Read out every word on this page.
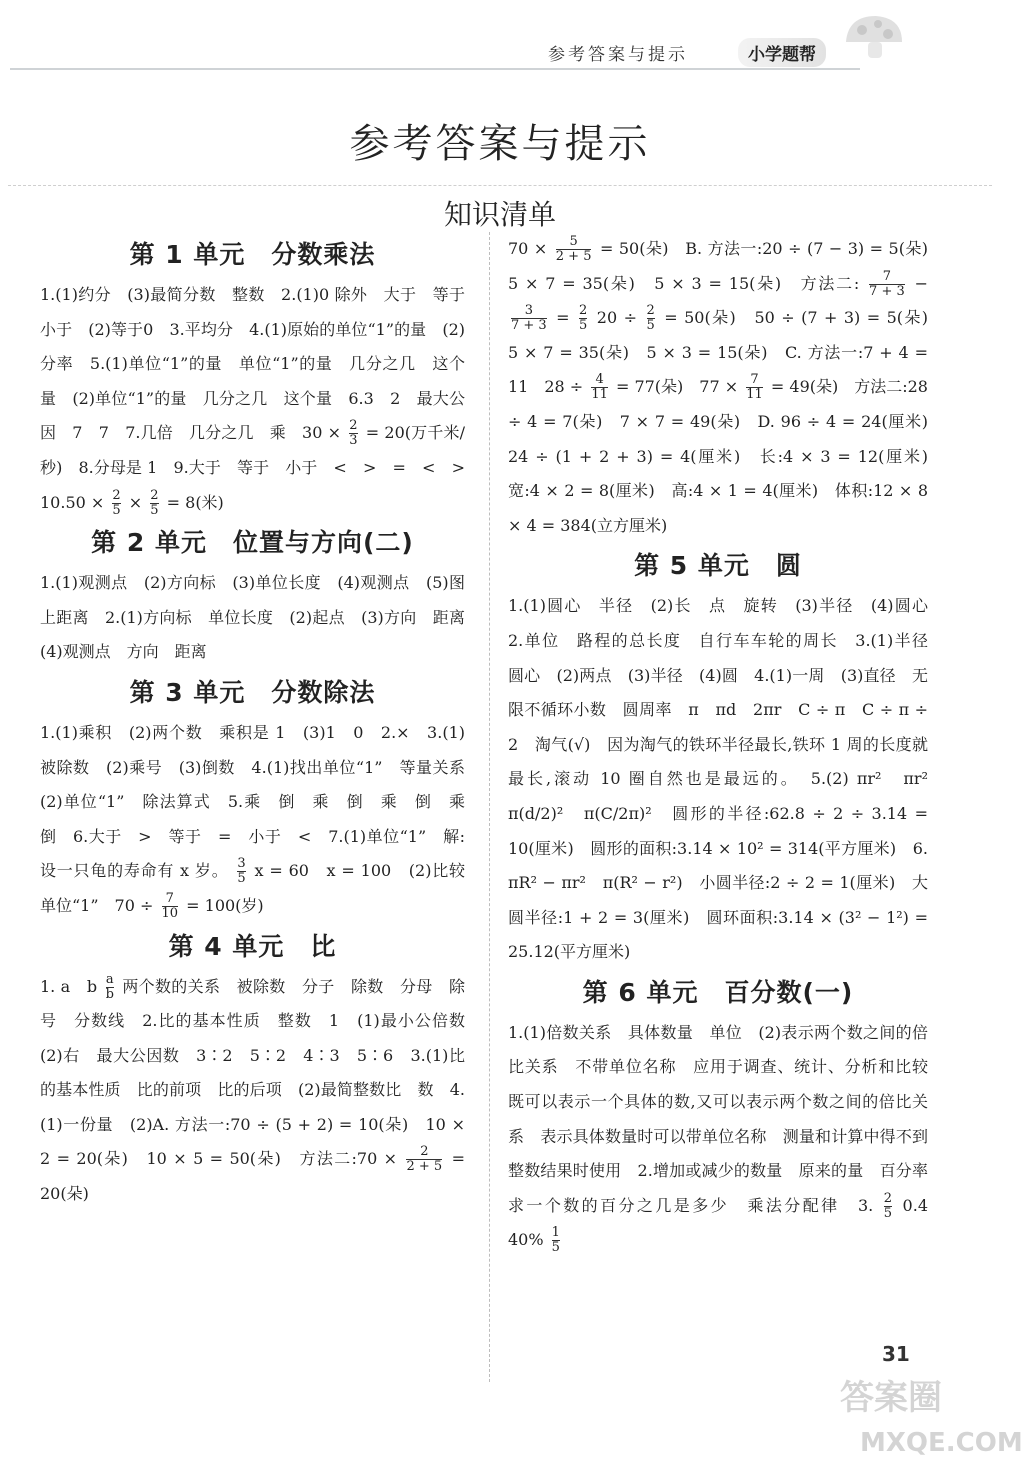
参考答案与提示	小学题帮
参考答案与提示
知识清单
第 1 单元　分数乘法
1.(1)约分　(3)最简分数　整数　2.(1)0 除外　大于　等于　小于　(2)等于0　3.平均分　4.(1)原始的单位“1”的量　(2)分率　5.(1)单位“1”的量　单位“1”的量　几分之几　这个量　(2)单位“1”的量　几分之几　这个量　6.3　2　最大公因　7　7　7.几倍　几分之几　乘　$30 \times \frac{2}{3} = 20$(万千米/秒)　8.分母是 1　9.大于　等于　小于　<　>　=　<　>　$10.50 \times \frac{2}{5} \times \frac{2}{5} = 8$(米)
第 2 单元　位置与方向(二)
1.(1)观测点　(2)方向标　(3)单位长度　(4)观测点　(5)图上距离　2.(1)方向标　单位长度　(2)起点　(3)方向　距离　(4)观测点　方向　距离
第 3 单元　分数除法
1.(1)乘积　(2)两个数　乘积是 1　(3)1　0　2.×　3.(1)被除数　(2)乘号　(3)倒数　4.(1)找出单位“1”　等量关系　(2)单位“1”　除法算式　5.乘　倒　乘　倒　乘　倒　乘　倒　6.大于　>　等于　=　小于　<　7.(1)单位“1”　解:设一只龟的寿命有 x 岁。 $\frac{3}{5}$ x = 60　x = 100　(2)比较　单位“1”　$70 \div \frac{7}{10} = 100$(岁)
第 4 单元　比
1. a　b $\frac{a}{b}$ 两个数的关系　被除数　分子　除数　分母　除号　分数线　2.比的基本性质　整数　1　(1)最小公倍数　(2)右　最大公因数　3∶2　5∶2　4∶3　5∶6　3.(1)比的基本性质　比的前项　比的后项　(2)最简整数比　数　4.(1)一份量　(2)A. 方法一:70 ÷ (5 + 2) = 10(朵)　10 × 2 = 20(朵)　10 × 5 = 50(朵)　方法二:70 × $\frac{2}{2 + 5} = 20$(朵)
$70 \times \frac{5}{2 + 5} = 50$(朵)　B. 方法一:20 ÷ (7 − 3) = 5(朵)　5 × 7 = 35(朵)　5 × 3 = 15(朵)　方法二: $\frac{7}{7 + 3}$ −
$\frac{3}{7 + 3} = \frac{2}{5} 20 \div \frac{2}{5} = 50$(朵)　50 ÷ (7 + 3) = 5(朵)　5 × 7 = 35(朵)　5 × 3 = 15(朵)　C. 方法一:7 + 4 = 11　$28 \div \frac{4}{11} = 77$(朵)　$77 \times \frac{7}{11} = 49$(朵)　方法二:28 ÷ 4 = 7(朵)　7 × 7 = 49(朵)　D. 96 ÷ 4 = 24(厘米)　24 ÷ (1 + 2 + 3) = 4(厘米)　长:4 × 3 = 12(厘米)　宽:4 × 2 = 8(厘米)　高:4 × 1 = 4(厘米)　体积:12 × 8 × 4 = 384(立方厘米)
第 5 单元　圆
1.(1)圆心　半径　(2)长　点　旋转　(3)半径　(4)圆心　2.单位　路程的总长度　自行车车轮的周长　3.(1)半径　圆心　(2)两点　(3)半径　(4)圆　4.(1)一周　(3)直径　无限不循环小数　圆周率　π　πd　2πr　C ÷ π　C ÷ π ÷ 2　淘气(√)　因为淘气的铁环半径最长,铁环 1 周的长度就最长,滚动 10 圈自然也是最远的。　5.(2) πr²　πr²　π(d/2)²　π(C/2π)²　圆形的半径:62.8 ÷ 2 ÷ 3.14 = 10(厘米)　圆形的面积:3.14 × 10² = 314(平方厘米)　6. πR² − πr²　π(R² − r²)　小圆半径:2 ÷ 2 = 1(厘米)　大圆半径:1 + 2 = 3(厘米)　圆环面积:3.14 × (3² − 1²) = 25.12(平方厘米)
第 6 单元　百分数(一)
1.(1)倍数关系　具体数量　单位　(2)表示两个数之间的倍比关系　不带单位名称　应用于调查、统计、分析和比较　既可以表示一个具体的数,又可以表示两个数之间的倍比关系　表示具体数量时可以带单位名称　测量和计算中得不到整数结果时使用　2.增加或减少的数量　原来的量　百分率　求一个数的百分之几是多少　乘法分配律　3. $\frac{2}{5} 0.4$　$40\% \frac{1}{5}$
31
答案圈
MXQE.COM
